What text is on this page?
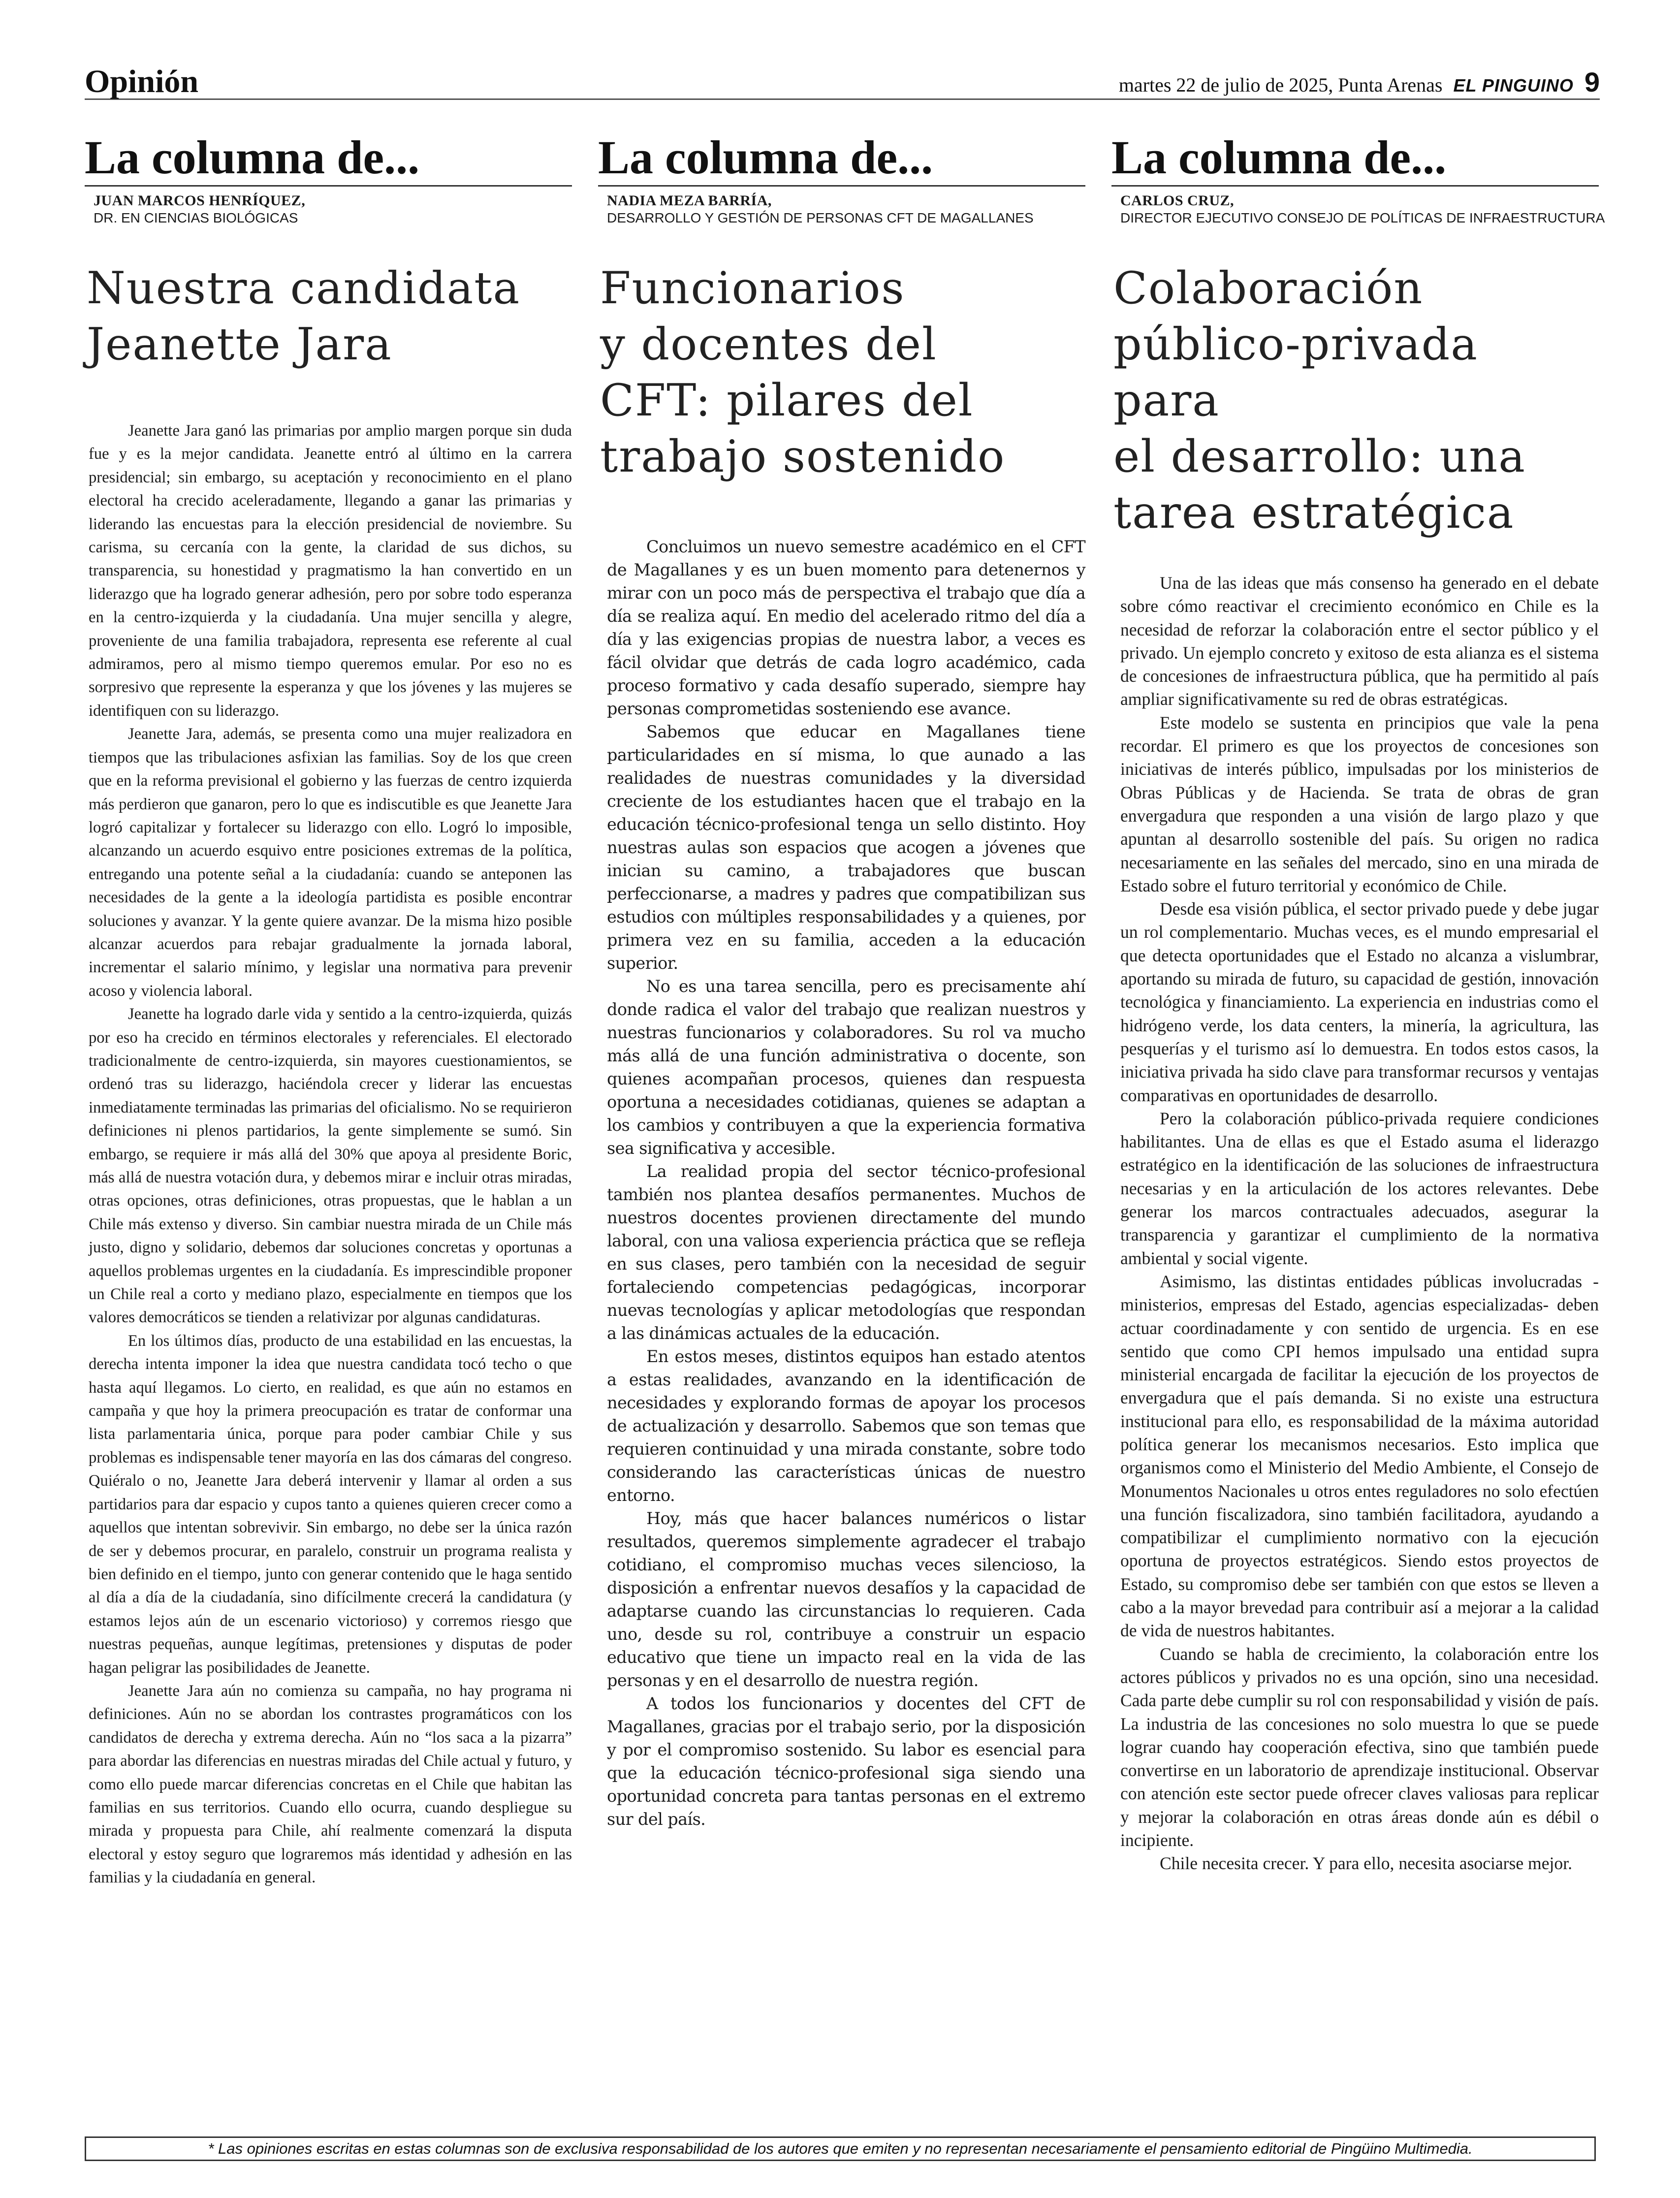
Opinión	martes 22 de julio de 2025, Punta Arenas EL PINGUINO 9
La columna de...
JUAN MARCOS HENRÍQUEZ,
DR. EN CIENCIAS BIOLÓGICAS
Nuestra candidata
Jeanette Jara

Jeanette Jara ganó las primarias por amplio margen porque sin duda fue y es la mejor candidata. Jeanette entró al último en la carrera presidencial; sin embargo, su aceptación y reconocimiento en el plano electoral ha crecido aceleradamente, llegando a ganar las primarias y liderando las encuestas para la elección presidencial de noviembre. Su carisma, su cercanía con la gente, la claridad de sus dichos, su transparencia, su honestidad y pragmatismo la han convertido en un liderazgo que ha logrado generar adhesión, pero por sobre todo esperanza en la centro-izquierda y la ciudadanía. Una mujer sencilla y alegre, proveniente de una familia trabajadora, representa ese referente al cual admiramos, pero al mismo tiempo queremos emular. Por eso no es sorpresivo que represente la esperanza y que los jóvenes y las mujeres se identifiquen con su liderazgo.

Jeanette Jara, además, se presenta como una mujer realizadora en tiempos que las tribulaciones asfixian las familias. Soy de los que creen que en la reforma previsional el gobierno y las fuerzas de centro izquierda más perdieron que ganaron, pero lo que es indiscutible es que Jeanette Jara logró capitalizar y fortalecer su liderazgo con ello. Logró lo imposible, alcanzando un acuerdo esquivo entre posiciones extremas de la política, entregando una potente señal a la ciudadanía: cuando se anteponen las necesidades de la gente a la ideología partidista es posible encontrar soluciones y avanzar. Y la gente quiere avanzar. De la misma hizo posible alcanzar acuerdos para rebajar gradualmente la jornada laboral, incrementar el salario mínimo, y legislar una normativa para prevenir acoso y violencia laboral.

Jeanette ha logrado darle vida y sentido a la centro-izquierda, quizás por eso ha crecido en términos electorales y referenciales. El electorado tradicionalmente de centro-izquierda, sin mayores cuestionamientos, se ordenó tras su liderazgo, haciéndola crecer y liderar las encuestas inmediatamente terminadas las primarias del oficialismo. No se requirieron definiciones ni plenos partidarios, la gente simplemente se sumó. Sin embargo, se requiere ir más allá del 30% que apoya al presidente Boric, más allá de nuestra votación dura, y debemos mirar e incluir otras miradas, otras opciones, otras definiciones, otras propuestas, que le hablan a un Chile más extenso y diverso. Sin cambiar nuestra mirada de un Chile más justo, digno y solidario, debemos dar soluciones concretas y oportunas a aquellos problemas urgentes en la ciudadanía. Es imprescindible proponer un Chile real a corto y mediano plazo, especialmente en tiempos que los valores democráticos se tienden a relativizar por algunas candidaturas.

En los últimos días, producto de una estabilidad en las encuestas, la derecha intenta imponer la idea que nuestra candidata tocó techo o que hasta aquí llegamos. Lo cierto, en realidad, es que aún no estamos en campaña y que hoy la primera preocupación es tratar de conformar una lista parlamentaria única, porque para poder cambiar Chile y sus problemas es indispensable tener mayoría en las dos cámaras del congreso. Quiéralo o no, Jeanette Jara deberá intervenir y llamar al orden a sus partidarios para dar espacio y cupos tanto a quienes quieren crecer como a aquellos que intentan sobrevivir. Sin embargo, no debe ser la única razón de ser y debemos procurar, en paralelo, construir un programa realista y bien definido en el tiempo, junto con generar contenido que le haga sentido al día a día de la ciudadanía, sino difícilmente crecerá la candidatura (y estamos lejos aún de un escenario victorioso) y corremos riesgo que nuestras pequeñas, aunque legítimas, pretensiones y disputas de poder hagan peligrar las posibilidades de Jeanette.

Jeanette Jara aún no comienza su campaña, no hay programa ni definiciones. Aún no se abordan los contrastes programáticos con los candidatos de derecha y extrema derecha. Aún no “los saca a la pizarra” para abordar las diferencias en nuestras miradas del Chile actual y futuro, y como ello puede marcar diferencias concretas en el Chile que habitan las familias en sus territorios. Cuando ello ocurra, cuando despliegue su mirada y propuesta para Chile, ahí realmente comenzará la disputa electoral y estoy seguro que lograremos más identidad y adhesión en las familias y la ciudadanía en general.

La columna de...
NADIA MEZA BARRÍA,
DESARROLLO Y GESTIÓN DE PERSONAS CFT DE MAGALLANES
Funcionarios
y docentes del
CFT: pilares del
trabajo sostenido

Concluimos un nuevo semestre académico en el CFT de Magallanes y es un buen momento para detenernos y mirar con un poco más de perspectiva el trabajo que día a día se realiza aquí. En medio del acelerado ritmo del día a día y las exigencias propias de nuestra labor, a veces es fácil olvidar que detrás de cada logro académico, cada proceso formativo y cada desafío superado, siempre hay personas comprometidas sosteniendo ese avance.

Sabemos que educar en Magallanes tiene particularidades en sí misma, lo que aunado a las realidades de nuestras comunidades y la diversidad creciente de los estudiantes hacen que el trabajo en la educación técnico-profesional tenga un sello distinto. Hoy nuestras aulas son espacios que acogen a jóvenes que inician su camino, a trabajadores que buscan perfeccionarse, a madres y padres que compatibilizan sus estudios con múltiples responsabilidades y a quienes, por primera vez en su familia, acceden a la educación superior.

No es una tarea sencilla, pero es precisamente ahí donde radica el valor del trabajo que realizan nuestros y nuestras funcionarios y colaboradores. Su rol va mucho más allá de una función administrativa o docente, son quienes acompañan procesos, quienes dan respuesta oportuna a necesidades cotidianas, quienes se adaptan a los cambios y contribuyen a que la experiencia formativa sea significativa y accesible.

La realidad propia del sector técnico-profesional también nos plantea desafíos permanentes. Muchos de nuestros docentes provienen directamente del mundo laboral, con una valiosa experiencia práctica que se refleja en sus clases, pero también con la necesidad de seguir fortaleciendo competencias pedagógicas, incorporar nuevas tecnologías y aplicar metodologías que respondan a las dinámicas actuales de la educación.

En estos meses, distintos equipos han estado atentos a estas realidades, avanzando en la identificación de necesidades y explorando formas de apoyar los procesos de actualización y desarrollo. Sabemos que son temas que requieren continuidad y una mirada constante, sobre todo considerando las características únicas de nuestro entorno.

Hoy, más que hacer balances numéricos o listar resultados, queremos simplemente agradecer el trabajo cotidiano, el compromiso muchas veces silencioso, la disposición a enfrentar nuevos desafíos y la capacidad de adaptarse cuando las circunstancias lo requieren. Cada uno, desde su rol, contribuye a construir un espacio educativo que tiene un impacto real en la vida de las personas y en el desarrollo de nuestra región.

A todos los funcionarios y docentes del CFT de Magallanes, gracias por el trabajo serio, por la disposición y por el compromiso sostenido. Su labor es esencial para que la educación técnico-profesional siga siendo una oportunidad concreta para tantas personas en el extremo sur del país.

La columna de...
CARLOS CRUZ,
DIRECTOR EJECUTIVO CONSEJO DE POLÍTICAS DE INFRAESTRUCTURA
Colaboración
público-privada para
el desarrollo: una
tarea estratégica

Una de las ideas que más consenso ha generado en el debate sobre cómo reactivar el crecimiento económico en Chile es la necesidad de reforzar la colaboración entre el sector público y el privado. Un ejemplo concreto y exitoso de esta alianza es el sistema de concesiones de infraestructura pública, que ha permitido al país ampliar significativamente su red de obras estratégicas.

Este modelo se sustenta en principios que vale la pena recordar. El primero es que los proyectos de concesiones son iniciativas de interés público, impulsadas por los ministerios de Obras Públicas y de Hacienda. Se trata de obras de gran envergadura que responden a una visión de largo plazo y que apuntan al desarrollo sostenible del país. Su origen no radica necesariamente en las señales del mercado, sino en una mirada de Estado sobre el futuro territorial y económico de Chile.

Desde esa visión pública, el sector privado puede y debe jugar un rol complementario. Muchas veces, es el mundo empresarial el que detecta oportunidades que el Estado no alcanza a vislumbrar, aportando su mirada de futuro, su capacidad de gestión, innovación tecnológica y financiamiento. La experiencia en industrias como el hidrógeno verde, los data centers, la minería, la agricultura, las pesquerías y el turismo así lo demuestra. En todos estos casos, la iniciativa privada ha sido clave para transformar recursos y ventajas comparativas en oportunidades de desarrollo.

Pero la colaboración público-privada requiere condiciones habilitantes. Una de ellas es que el Estado asuma el liderazgo estratégico en la identificación de las soluciones de infraestructura necesarias y en la articulación de los actores relevantes. Debe generar los marcos contractuales adecuados, asegurar la transparencia y garantizar el cumplimiento de la normativa ambiental y social vigente.

Asimismo, las distintas entidades públicas involucradas -ministerios, empresas del Estado, agencias especializadas- deben actuar coordinadamente y con sentido de urgencia. Es en ese sentido que como CPI hemos impulsado una entidad supra ministerial encargada de facilitar la ejecución de los proyectos de envergadura que el país demanda. Si no existe una estructura institucional para ello, es responsabilidad de la máxima autoridad política generar los mecanismos necesarios. Esto implica que organismos como el Ministerio del Medio Ambiente, el Consejo de Monumentos Nacionales u otros entes reguladores no solo efectúen una función fiscalizadora, sino también facilitadora, ayudando a compatibilizar el cumplimiento normativo con la ejecución oportuna de proyectos estratégicos. Siendo estos proyectos de Estado, su compromiso debe ser también con que estos se lleven a cabo a la mayor brevedad para contribuir así a mejorar a la calidad de vida de nuestros habitantes.

Cuando se habla de crecimiento, la colaboración entre los actores públicos y privados no es una opción, sino una necesidad. Cada parte debe cumplir su rol con responsabilidad y visión de país. La industria de las concesiones no solo muestra lo que se puede lograr cuando hay cooperación efectiva, sino que también puede convertirse en un laboratorio de aprendizaje institucional. Observar con atención este sector puede ofrecer claves valiosas para replicar y mejorar la colaboración en otras áreas donde aún es débil o incipiente.

Chile necesita crecer. Y para ello, necesita asociarse mejor.

* Las opiniones escritas en estas columnas son de exclusiva responsabilidad de los autores que emiten y no representan necesariamente el pensamiento editorial de Pingüino Multimedia.
